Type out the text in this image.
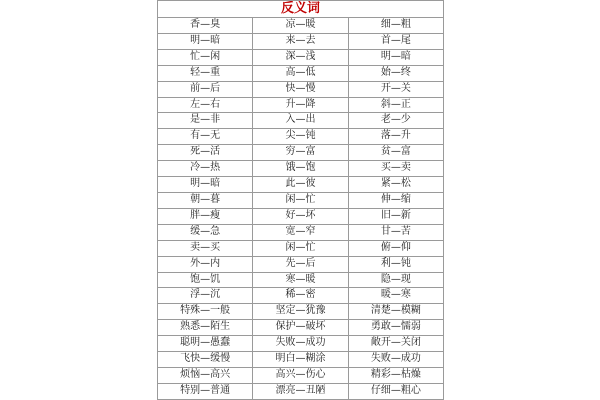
反义词		
香—臭	凉—暖	细—粗
明—暗	来—去	首—尾
忙—闲	深—浅	明—暗
轻—重	高—低	始—终
前—后	快—慢	开—关
左—右	升—降	斜—正
是—非	入—出	老—少
有—无	尖—钝	落—升
死—活	穷—富	贫—富
冷—热	饿—饱	买—卖
明—暗	此—彼	紧—松
朝—暮	闲—忙	伸—缩
胖—瘦	好—坏	旧—新
缓—急	宽—窄	甘—苦
卖—买	闲—忙	俯—仰
外—内	先—后	利—钝
饱—饥	寒—暖	隐—现
浮—沉	稀—密	暖—寒
特殊—一般	坚定—犹豫	清楚—模糊
熟悉—陌生	保护—破坏	勇敢—懦弱
聪明—愚蠢	失败—成功	敞开—关闭
飞快—缓慢	明白—糊涂	失败—成功
烦恼—高兴	高兴—伤心	精彩—枯燥
特别—普通	漂亮—丑陋	仔细—粗心
